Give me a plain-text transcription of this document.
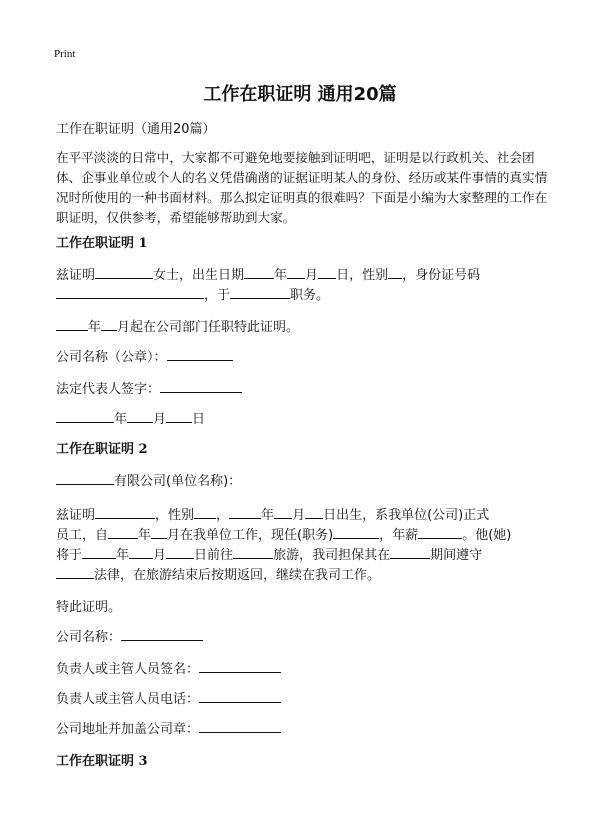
Print
工作在职证明 通用20篇
工作在职证明（通用20篇）
在平平淡淡的日常中，大家都不可避免地要接触到证明吧，证明是以行政机关、社会团体、企事业单位或个人的名义凭借确凿的证据证明某人的身份、经历或某件事情的真实情况时所使用的一种书面材料。那么拟定证明真的很难吗？下面是小编为大家整理的工作在职证明，仅供参考，希望能够帮助到大家。
工作在职证明 1
兹证明	女士，出生日期 年 月 日，性别 ，身份证号码
，于	职务。
年 月起在公司部门任职特此证明。
公司名称（公章）：
法定代表人签字：
年 月 日
工作在职证明 2
有限公司(单位名称)：
兹证明	，性别 ， 年 月 日出生，系我单位(公司)正式
员工，自 年 月在我单位工作，现任(职务)	，年薪	。他(她)
将于	年 月 日前往	旅游，我司担保其在	期间遵守
法律，在旅游结束后按期返回，继续在我司工作。
特此证明。
公司名称：
负责人或主管人员签名：
负责人或主管人员电话：
公司地址并加盖公司章：
工作在职证明 3
